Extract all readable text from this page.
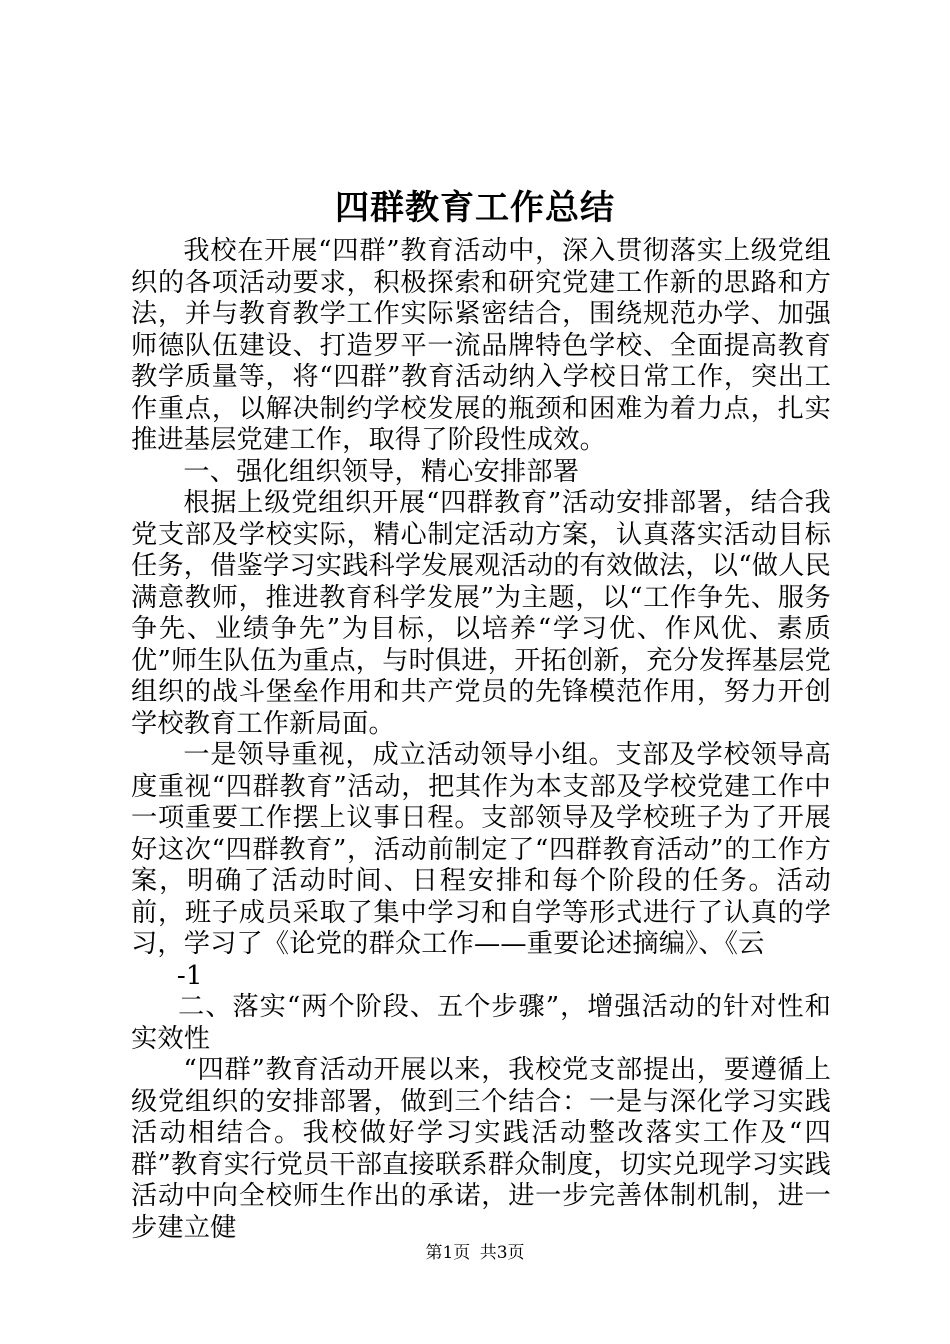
四群教育工作总结

我校在开展“四群”教育活动中，深入贯彻落实上级党组织的各项活动要求，积极探索和研究党建工作新的思路和方法，并与教育教学工作实际紧密结合，围绕规范办学、加强师德队伍建设、打造罗平一流品牌特色学校、全面提高教育教学质量等，将“四群”教育活动纳入学校日常工作，突出工作重点，以解决制约学校发展的瓶颈和困难为着力点，扎实推进基层党建工作，取得了阶段性成效。

一、强化组织领导，精心安排部署

根据上级党组织开展“四群教育”活动安排部署，结合我党支部及学校实际，精心制定活动方案，认真落实活动目标任务，借鉴学习实践科学发展观活动的有效做法，以“做人民满意教师，推进教育科学发展”为主题，以“工作争先、服务争先、业绩争先”为目标，以培养“学习优、作风优、素质优”师生队伍为重点，与时俱进，开拓创新，充分发挥基层党组织的战斗堡垒作用和共产党员的先锋模范作用，努力开创学校教育工作新局面。

一是领导重视，成立活动领导小组。支部及学校领导高度重视“四群教育”活动，把其作为本支部及学校党建工作中一项重要工作摆上议事日程。支部领导及学校班子为了开展好这次“四群教育”，活动前制定了“四群教育活动”的工作方案，明确了活动时间、日程安排和每个阶段的任务。活动前，班子成员采取了集中学习和自学等形式进行了认真的学习，学习了《论党的群众工作——重要论述摘编》、《云

-1

二、落实“两个阶段、五个步骤”，增强活动的针对性和实效性

“四群”教育活动开展以来，我校党支部提出，要遵循上级党组织的安排部署，做到三个结合：一是与深化学习实践活动相结合。我校做好学习实践活动整改落实工作及“四群”教育实行党员干部直接联系群众制度，切实兑现学习实践活动中向全校师生作出的承诺，进一步完善体制机制，进一步建立健

第1页 共3页
